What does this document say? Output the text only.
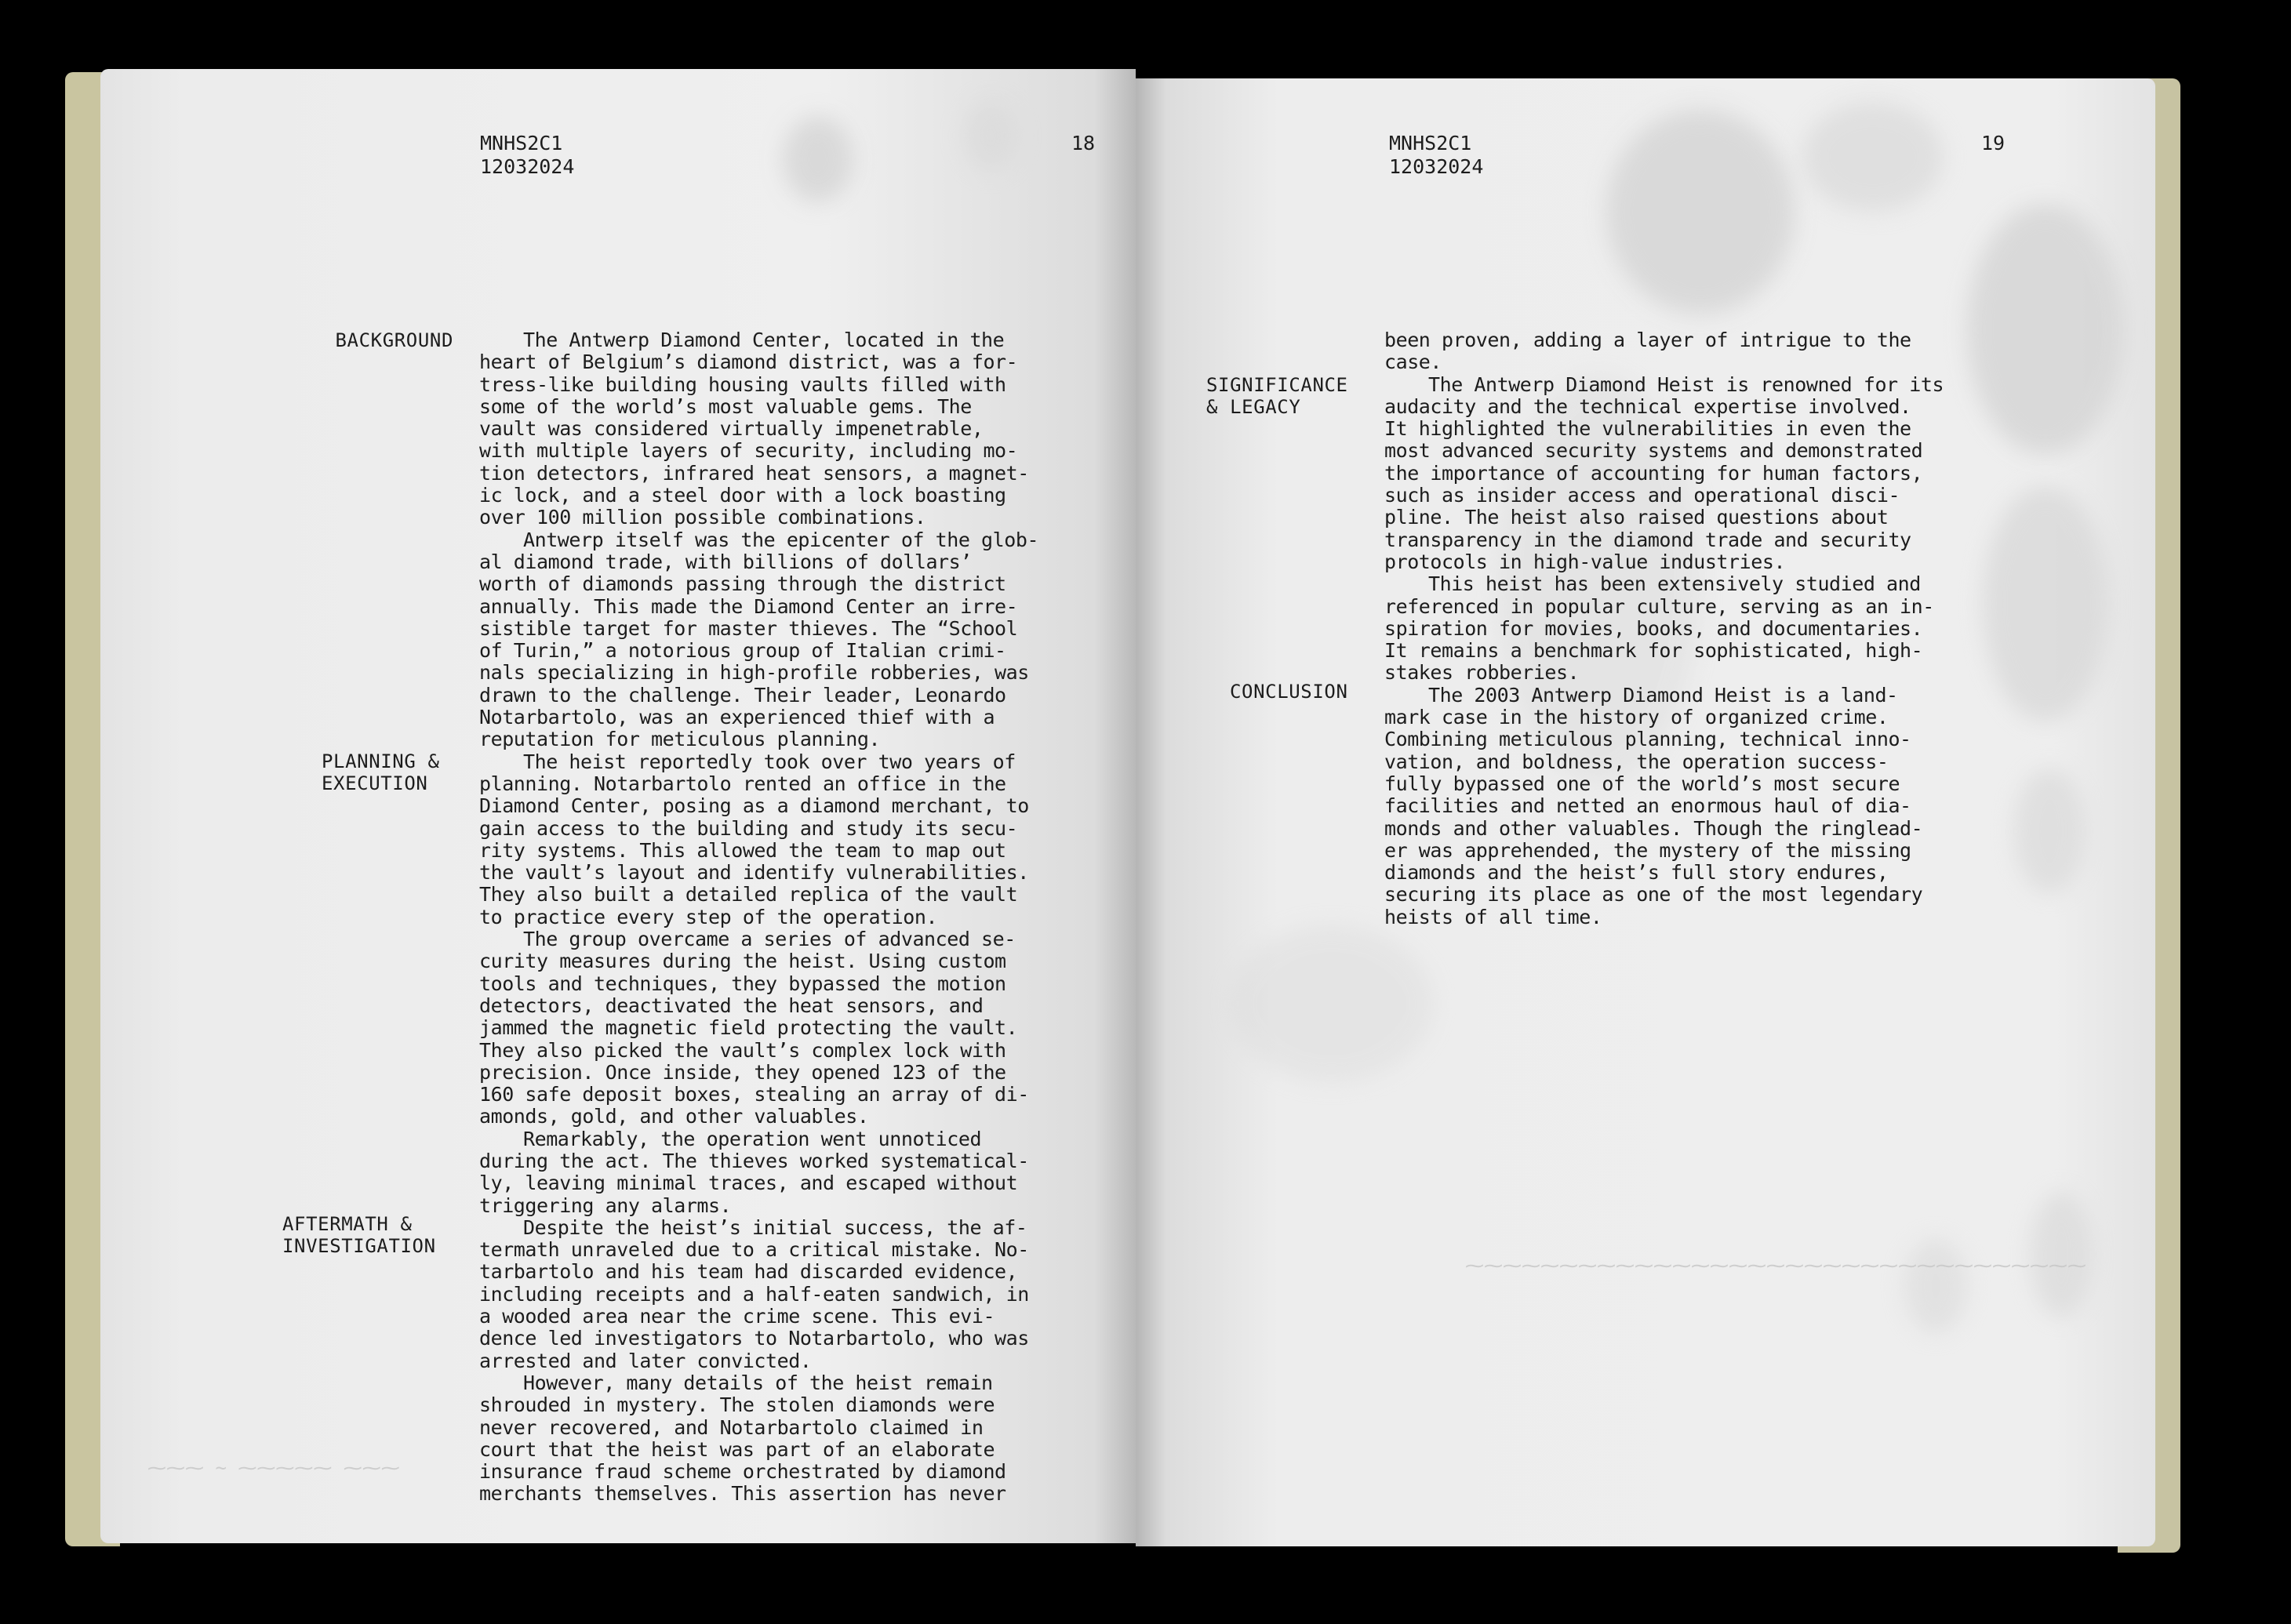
⁓⁓⁓ ~ ⁓⁓⁓⁓⁓ ⁓⁓⁓
MNHS2C1
12032024
18
BACKGROUND
PLANNING &
EXECUTION
AFTERMATH &
INVESTIGATION
The Antwerp Diamond Center, located in the
heart of Belgium’s diamond district, was a for-
tress-like building housing vaults filled with
some of the world’s most valuable gems. The
vault was considered virtually impenetrable,
with multiple layers of security, including mo-
tion detectors, infrared heat sensors, a magnet-
ic lock, and a steel door with a lock boasting
over 100 million possible combinations.
Antwerp itself was the epicenter of the glob-
al diamond trade, with billions of dollars’
worth of diamonds passing through the district
annually. This made the Diamond Center an irre-
sistible target for master thieves. The “School
of Turin,” a notorious group of Italian crimi-
nals specializing in high-profile robberies, was
drawn to the challenge. Their leader, Leonardo
Notarbartolo, was an experienced thief with a
reputation for meticulous planning.
The heist reportedly took over two years of
planning. Notarbartolo rented an office in the
Diamond Center, posing as a diamond merchant, to
gain access to the building and study its secu-
rity systems. This allowed the team to map out
the vault’s layout and identify vulnerabilities.
They also built a detailed replica of the vault
to practice every step of the operation.
The group overcame a series of advanced se-
curity measures during the heist. Using custom
tools and techniques, they bypassed the motion
detectors, deactivated the heat sensors, and
jammed the magnetic field protecting the vault.
They also picked the vault’s complex lock with
precision. Once inside, they opened 123 of the
160 safe deposit boxes, stealing an array of di-
amonds, gold, and other valuables.
Remarkably, the operation went unnoticed
during the act. The thieves worked systematical-
ly, leaving minimal traces, and escaped without
triggering any alarms.
Despite the heist’s initial success, the af-
termath unraveled due to a critical mistake. No-
tarbartolo and his team had discarded evidence,
including receipts and a half-eaten sandwich, in
a wooded area near the crime scene. This evi-
dence led investigators to Notarbartolo, who was
arrested and later convicted.
However, many details of the heist remain
shrouded in mystery. The stolen diamonds were
never recovered, and Notarbartolo claimed in
court that the heist was part of an elaborate
insurance fraud scheme orchestrated by diamond
merchants themselves. This assertion has never
⁓⁓⁓⁓⁓⁓⁓⁓⁓⁓⁓⁓⁓⁓⁓⁓⁓⁓⁓⁓⁓⁓⁓⁓⁓⁓⁓⁓⁓⁓⁓⁓⁓
MNHS2C1
12032024
19
SIGNIFICANCE
& LEGACY
CONCLUSION
been proven, adding a layer of intrigue to the
case.
The Antwerp Diamond Heist is renowned for its
audacity and the technical expertise involved.
It highlighted the vulnerabilities in even the
most advanced security systems and demonstrated
the importance of accounting for human factors,
such as insider access and operational disci-
pline. The heist also raised questions about
transparency in the diamond trade and security
protocols in high-value industries.
This heist has been extensively studied and
referenced in popular culture, serving as an in-
spiration for movies, books, and documentaries.
It remains a benchmark for sophisticated, high-
stakes robberies.
The 2003 Antwerp Diamond Heist is a land-
mark case in the history of organized crime.
Combining meticulous planning, technical inno-
vation, and boldness, the operation success-
fully bypassed one of the world’s most secure
facilities and netted an enormous haul of dia-
monds and other valuables. Though the ringlead-
er was apprehended, the mystery of the missing
diamonds and the heist’s full story endures,
securing its place as one of the most legendary
heists of all time.
